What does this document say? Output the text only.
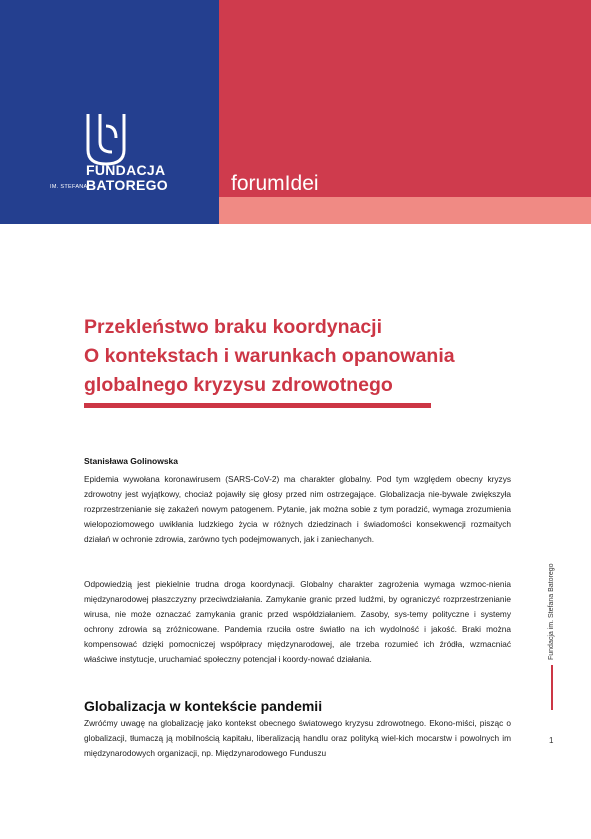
FUNDACJA
IM. STEFANA
BATOREGO	forumIdei
Przekleństwo braku koordynacji
O kontekstach i warunkach opanowania
globalnego kryzysu zdrowotnego
Stanisława Golinowska

Epidemia wywołana koronawirusem (SARS-CoV-2) ma charakter globalny. Pod tym względem obecny kryzys zdrowotny jest wyjątkowy, chociaż pojawiły się głosy przed nim ostrzegające. Globalizacja nie-bywale zwiększyła rozprzestrzenianie się zakażeń nowym patogenem. Pytanie, jak można sobie z tym poradzić, wymaga zrozumienia wielopoziomowego uwikłania ludzkiego życia w różnych dziedzinach i świadomości konsekwencji rozmaitych działań w ochronie zdrowia, zarówno tych podejmowanych, jak i zaniechanych.

Odpowiedzią jest piekielnie trudna droga koordynacji. Globalny charakter zagrożenia wymaga wzmoc-nienia międzynarodowej płaszczyzny przeciwdziałania. Zamykanie granic przed ludźmi, by ograniczyć rozprzestrzenianie wirusa, nie może oznaczać zamykania granic przed współdziałaniem. Zasoby, sys-temy polityczne i systemy ochrony zdrowia są zróżnicowane. Pandemia rzuciła ostre światło na ich wydolność i jakość. Braki można kompensować dzięki pomocniczej współpracy międzynarodowej, ale trzeba rozumieć ich źródła, wzmacniać właściwe instytucje, uruchamiać społeczny potencjał i koordy-nować działania.

Globalizacja w kontekście pandemii

Zwróćmy uwagę na globalizację jako kontekst obecnego światowego kryzysu zdrowotnego. Ekono-miści, pisząc o globalizacji, tłumaczą ją mobilnością kapitału, liberalizacją handlu oraz polityką wiel-kich mocarstw i powolnych im międzynarodowych organizacji, np. Międzynarodowego Funduszu

Fundacja im. Stefana Batorego
1
